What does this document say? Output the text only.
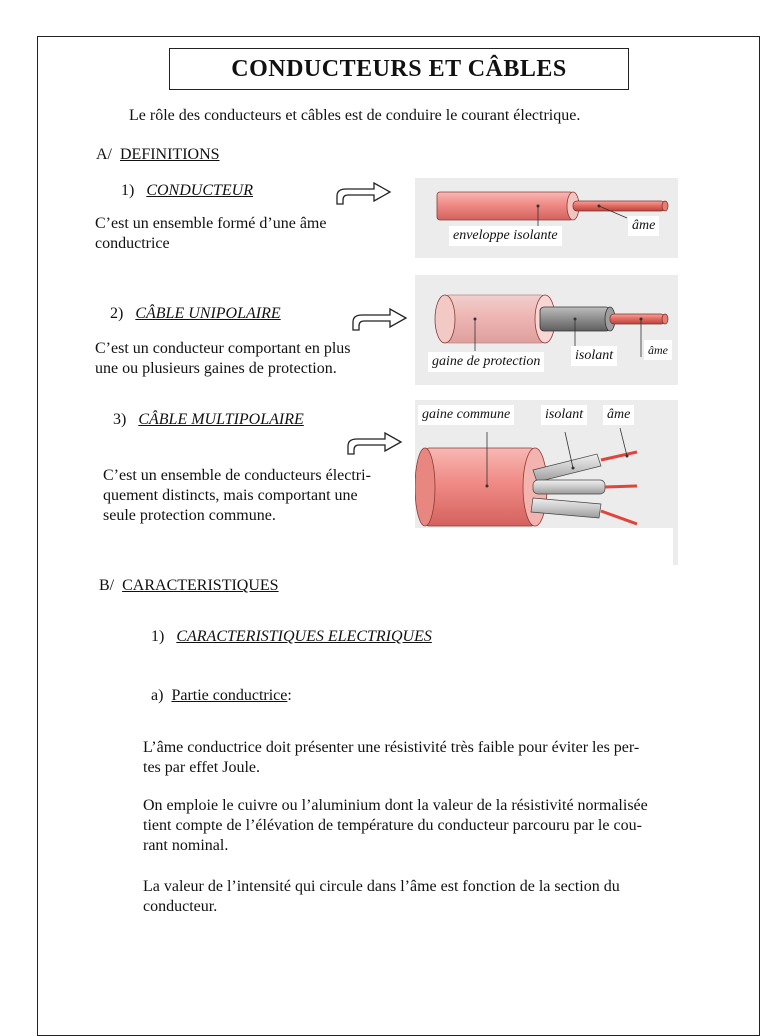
CONDUCTEURS ET CÂBLES
Le rôle des conducteurs et câbles est de conduire le courant électrique.
A/ DEFINITIONS
1) CONDUCTEUR
C’est un ensemble formé d’une âme
conductrice
2) CÂBLE UNIPOLAIRE
C’est un conducteur comportant en plus
une ou plusieurs gaines de protection.
3) CÂBLE MULTIPOLAIRE
C’est un ensemble de conducteurs électri-
quement distincts, mais comportant une
seule protection commune.
enveloppe isolante
âme
gaine de protection isolant	âme
gaine commune isolant âme
B/ CARACTERISTIQUES
1) CARACTERISTIQUES ELECTRIQUES
a) Partie conductrice:
L’âme conductrice doit présenter une résistivité très faible pour éviter les per-
tes par effet Joule.
On emploie le cuivre ou l’aluminium dont la valeur de la résistivité normalisée
tient compte de l’élévation de température du conducteur parcouru par le cou-
rant nominal.
La valeur de l’intensité qui circule dans l’âme est fonction de la section du
conducteur.
